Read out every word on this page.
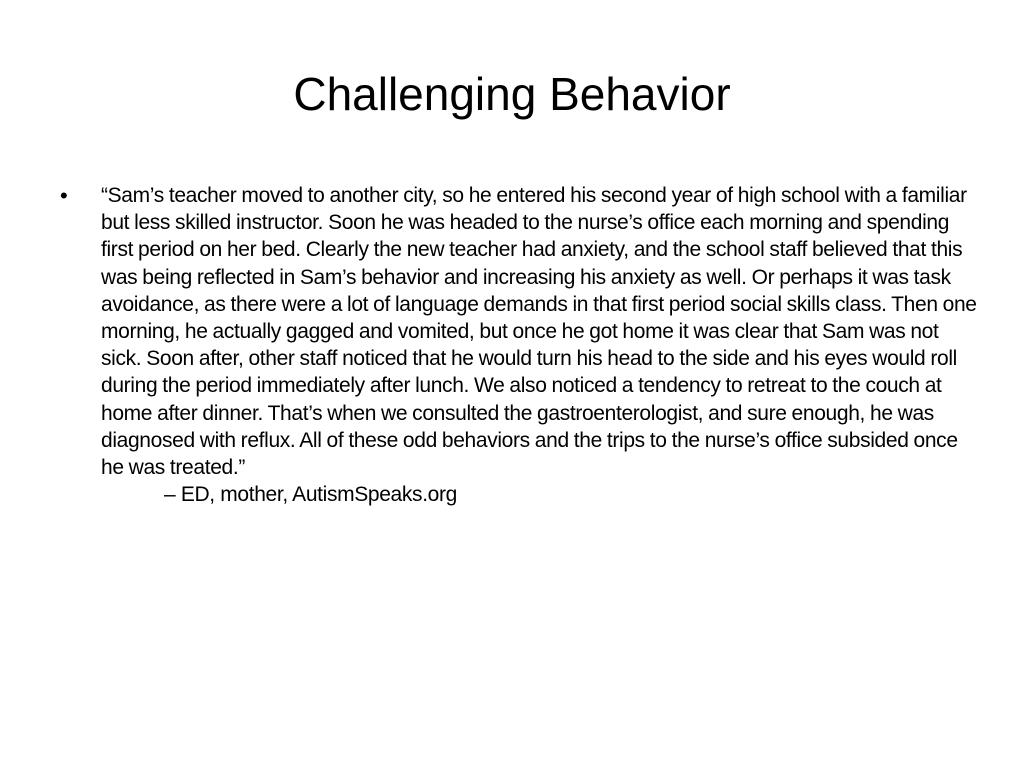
Challenging Behavior
• “Sam’s teacher moved to another city, so he entered his second year of high school with a familiar but less skilled instructor. Soon he was headed to the nurse’s office each morning and spending first period on her bed. Clearly the new teacher had anxiety, and the school staff believed that this was being reflected in Sam’s behavior and increasing his anxiety as well. Or perhaps it was task avoidance, as there were a lot of language demands in that first period social skills class. Then one morning, he actually gagged and vomited, but once he got home it was clear that Sam was not sick. Soon after, other staff noticed that he would turn his head to the side and his eyes would roll during the period immediately after lunch. We also noticed a tendency to retreat to the couch at home after dinner. That’s when we consulted the gastroenterologist, and sure enough, he was diagnosed with reflux. All of these odd behaviors and the trips to the nurse’s office subsided once he was treated.”

– ED, mother, AutismSpeaks.org
